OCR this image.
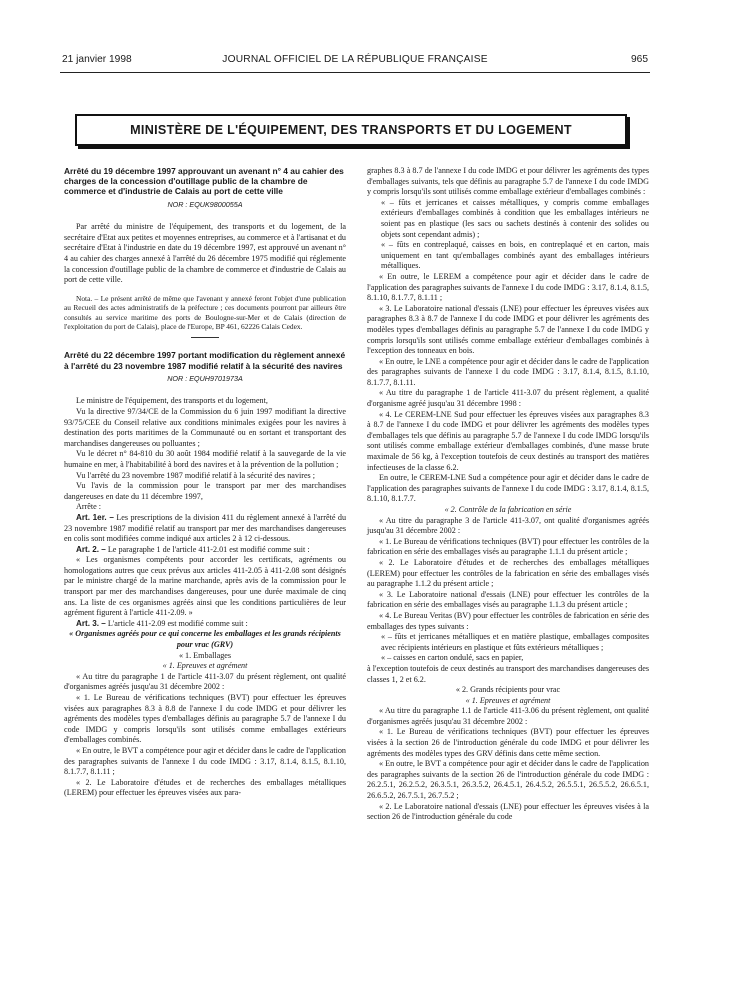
21 janvier 1998	JOURNAL OFFICIEL DE LA RÉPUBLIQUE FRANÇAISE	965
MINISTÈRE DE L'ÉQUIPEMENT, DES TRANSPORTS ET DU LOGEMENT

Arrêté du 19 décembre 1997 approuvant un avenant n° 4 au cahier des charges de la concession d'outillage public de la chambre de commerce et d'industrie de Calais au port de cette ville

NOR : EQUK9800055A

Par arrêté du ministre de l'équipement, des transports et du logement, de la secrétaire d'Etat aux petites et moyennes entreprises, au commerce et à l'artisanat et du secrétaire d'Etat à l'industrie en date du 19 décembre 1997, est approuvé un avenant n° 4 au cahier des charges annexé à l'arrêté du 26 décembre 1975 modifié qui réglemente la concession d'outillage public de la chambre de commerce et d'industrie de Calais au port de cette ville.

Nota. – Le présent arrêté de même que l'avenant y annexé feront l'objet d'une publication au Recueil des actes administratifs de la préfecture ; ces documents pourront par ailleurs être consultés au service maritime des ports de Boulogne-sur-Mer et de Calais (direction de l'exploitation du port de Calais), place de l'Europe, BP 461, 62226 Calais Cedex.

Arrêté du 22 décembre 1997 portant modification du règlement annexé à l'arrêté du 23 novembre 1987 modifié relatif à la sécurité des navires

NOR : EQUH9701973A

Le ministre de l'équipement, des transports et du logement,

Vu la directive 97/34/CE de la Commission du 6 juin 1997 modifiant la directive 93/75/CEE du Conseil relative aux conditions minimales exigées pour les navires à destination des ports maritimes de la Communauté ou en sortant et transportant des marchandises dangereuses ou polluantes ;

Vu le décret n° 84-810 du 30 août 1984 modifié relatif à la sauvegarde de la vie humaine en mer, à l'habitabilité à bord des navires et à la prévention de la pollution ;

Vu l'arrêté du 23 novembre 1987 modifié relatif à la sécurité des navires ;

Vu l'avis de la commission pour le transport par mer des marchandises dangereuses en date du 11 décembre 1997,

Arrête :

Art. 1er. – Les prescriptions de la division 411 du règlement annexé à l'arrêté du 23 novembre 1987 modifié relatif au transport par mer des marchandises dangereuses en colis sont modifiées comme indiqué aux articles 2 à 12 ci-dessous.

Art. 2. – Le paragraphe 1 de l'article 411-2.01 est modifié comme suit :

« Les organismes compétents pour accorder les certificats, agréments ou homologations autres que ceux prévus aux articles 411-2.05 à 411-2.08 sont désignés par le ministre chargé de la marine marchande, après avis de la commission pour le transport par mer des marchandises dangereuses, pour une durée maximale de cinq ans. La liste de ces organismes agréés ainsi que les conditions particulières de leur agrément figurent à l'article 411-2.09. »

Art. 3. – L'article 411-2.09 est modifié comme suit :

« Organismes agréés pour ce qui concerne les emballages et les grands récipients pour vrac (GRV)

« 1. Emballages

« 1. Epreuves et agrément

« Au titre du paragraphe 1 de l'article 411-3.07 du présent règlement, ont qualité d'organismes agréés jusqu'au 31 décembre 2002 :

« 1. Le Bureau de vérifications techniques (BVT) pour effectuer les épreuves visées aux paragraphes 8.3 à 8.8 de l'annexe I du code IMDG et pour délivrer les agréments des modèles types d'emballages définis au paragraphe 5.7 de l'annexe I du code IMDG y compris lorsqu'ils sont utilisés comme emballages extérieurs d'emballages combinés.

« En outre, le BVT a compétence pour agir et décider dans le cadre de l'application des paragraphes suivants de l'annexe I du code IMDG : 3.17, 8.1.4, 8.1.5, 8.1.10, 8.1.7.7, 8.1.11 ;

« 2. Le Laboratoire d'études et de recherches des emballages métalliques (LEREM) pour effectuer les épreuves visées aux para-

graphes 8.3 à 8.7 de l'annexe I du code IMDG et pour délivrer les agréments des types d'emballages suivants, tels que définis au paragraphe 5.7 de l'annexe I du code IMDG y compris lorsqu'ils sont utilisés comme emballage extérieur d'emballages combinés :

« – fûts et jerricanes et caisses métalliques, y compris comme emballages extérieurs d'emballages combinés à condition que les emballages intérieurs ne soient pas en plastique (les sacs ou sachets destinés à contenir des solides ou objets sont cependant admis) ;

« – fûts en contreplaqué, caisses en bois, en contreplaqué et en carton, mais uniquement en tant qu'emballages combinés ayant des emballages intérieurs métalliques.

« En outre, le LEREM a compétence pour agir et décider dans le cadre de l'application des paragraphes suivants de l'annexe I du code IMDG : 3.17, 8.1.4, 8.1.5, 8.1.10, 8.1.7.7, 8.1.11 ;

« 3. Le Laboratoire national d'essais (LNE) pour effectuer les épreuves visées aux paragraphes 8.3 à 8.7 de l'annexe I du code IMDG et pour délivrer les agréments des modèles types d'emballages définis au paragraphe 5.7 de l'annexe I du code IMDG y compris lorsqu'ils sont utilisés comme emballage extérieur d'emballages combinés à l'exception des tonneaux en bois.

« En outre, le LNE a compétence pour agir et décider dans le cadre de l'application des paragraphes suivants de l'annexe I du code IMDG : 3.17, 8.1.4, 8.1.5, 8.1.10, 8.1.7.7, 8.1.11.

« Au titre du paragraphe 1 de l'article 411-3.07 du présent règlement, a qualité d'organisme agréé jusqu'au 31 décembre 1998 :

« 4. Le CEREM-LNE Sud pour effectuer les épreuves visées aux paragraphes 8.3 à 8.7 de l'annexe I du code IMDG et pour délivrer les agréments des modèles types d'emballages tels que définis au paragraphe 5.7 de l'annexe I du code IMDG lorsqu'ils sont utilisés comme emballage extérieur d'emballages combinés, d'une masse brute maximale de 56 kg, à l'exception toutefois de ceux destinés au transport des matières infectieuses de la classe 6.2.

En outre, le CEREM-LNE Sud a compétence pour agir et décider dans le cadre de l'application des paragraphes suivants de l'annexe I du code IMDG : 3.17, 8.1.4, 8.1.5, 8.1.10, 8.1.7.7.

« 2. Contrôle de la fabrication en série

« Au titre du paragraphe 3 de l'article 411-3.07, ont qualité d'organismes agréés jusqu'au 31 décembre 2002 :

« 1. Le Bureau de vérifications techniques (BVT) pour effectuer les contrôles de la fabrication en série des emballages visés au paragraphe 1.1.1 du présent article ;

« 2. Le Laboratoire d'études et de recherches des emballages métalliques (LEREM) pour effectuer les contrôles de la fabrication en série des emballages visés au paragraphe 1.1.2 du présent article ;

« 3. Le Laboratoire national d'essais (LNE) pour effectuer les contrôles de la fabrication en série des emballages visés au paragraphe 1.1.3 du présent article ;

« 4. Le Bureau Veritas (BV) pour effectuer les contrôles de fabrication en série des emballages des types suivants :

« – fûts et jerricanes métalliques et en matière plastique, emballages composites avec récipients intérieurs en plastique et fûts extérieurs métalliques ;

« – caisses en carton ondulé, sacs en papier,

à l'exception toutefois de ceux destinés au transport des marchandises dangereuses des classes 1, 2 et 6.2.

« 2. Grands récipients pour vrac

« 1. Epreuves et agrément

« Au titre du paragraphe 1.1 de l'article 411-3.06 du présent règlement, ont qualité d'organismes agréés jusqu'au 31 décembre 2002 :

« 1. Le Bureau de vérifications techniques (BVT) pour effectuer les épreuves visées à la section 26 de l'introduction générale du code IMDG et pour délivrer les agréments des modèles types des GRV définis dans cette même section.

« En outre, le BVT a compétence pour agir et décider dans le cadre de l'application des paragraphes suivants de la section 26 de l'introduction générale du code IMDG : 26.2.5.1, 26.2.5.2, 26.3.5.1, 26.3.5.2, 26.4.5.1, 26.4.5.2, 26.5.5.1, 26.5.5.2, 26.6.5.1, 26.6.5.2, 26.7.5.1, 26.7.5.2 ;

« 2. Le Laboratoire national d'essais (LNE) pour effectuer les épreuves visées à la section 26 de l'introduction générale du code
